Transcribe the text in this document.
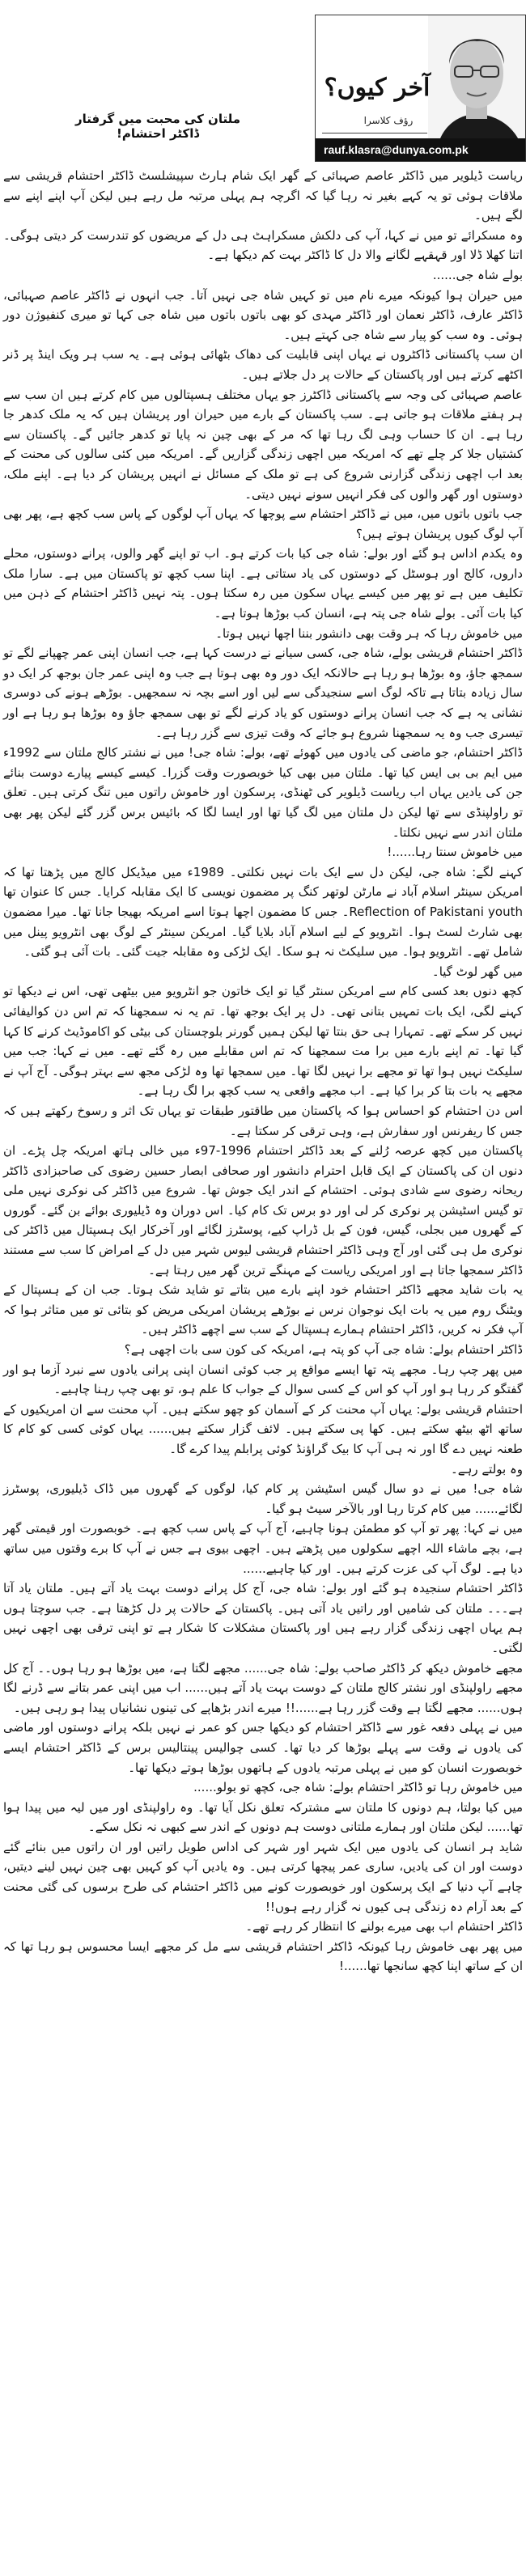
ملتان کی محبت میں گرفتار ڈاکٹر احتشام!
آخر کیوں؟
رؤف کلاسرا
rauf.klasra@dunya.com.pk

ریاست ڈیلویر میں ڈاکٹر عاصم صہبائی کے گھر ایک شام ہارٹ سپیشلسٹ ڈاکٹر احتشام قریشی سے ملاقات ہوئی تو یہ کہے بغیر نہ رہا گیا کہ اگرچہ ہم پہلی مرتبہ مل رہے ہیں لیکن آپ اپنے اپنے سے لگے ہیں۔

وہ مسکرائے تو میں نے کہا، آپ کی دلکش مسکراہٹ ہی دل کے مریضوں کو تندرست کر دیتی ہوگی۔ اتنا کھلا ڈلا اور قہقہے لگانے والا دل کا ڈاکٹر بہت کم دیکھا ہے۔

بولے شاہ جی......

میں حیران ہوا کیونکہ میرے نام میں تو کہیں شاہ جی نہیں آتا۔ جب انہوں نے ڈاکٹر عاصم صہبائی، ڈاکٹر عارف، ڈاکٹر نعمان اور ڈاکٹر مہدی کو بھی باتوں باتوں میں شاہ جی کہا تو میری کنفیوژن دور ہوئی۔ وہ سب کو پیار سے شاہ جی کہتے ہیں۔

ان سب پاکستانی ڈاکٹروں نے یہاں اپنی قابلیت کی دھاک بٹھائی ہوئی ہے۔ یہ سب ہر ویک اینڈ پر ڈنر اکٹھے کرتے ہیں اور پاکستان کے حالات پر دل جلاتے ہیں۔

عاصم صہبائی کی وجہ سے پاکستانی ڈاکٹرز جو یہاں مختلف ہسپتالوں میں کام کرتے ہیں ان سب سے ہر ہفتے ملاقات ہو جاتی ہے۔ سب پاکستان کے بارے میں حیران اور پریشان ہیں کہ یہ ملک کدھر جا رہا ہے۔ ان کا حساب وہی لگ رہا تھا کہ مر کے بھی چین نہ پایا تو کدھر جائیں گے۔ پاکستان سے کشتیاں جلا کر چلے تھے کہ امریکہ میں اچھی زندگی گزاریں گے۔ امریکہ میں کئی سالوں کی محنت کے بعد اب اچھی زندگی گزارنی شروع کی ہے تو ملک کے مسائل نے انہیں پریشان کر دیا ہے۔ اپنے ملک، دوستوں اور گھر والوں کی فکر انہیں سونے نہیں دیتی۔

جب باتوں باتوں میں، میں نے ڈاکٹر احتشام سے پوچھا کہ یہاں آپ لوگوں کے پاس سب کچھ ہے، پھر بھی آپ لوگ کیوں پریشان ہوتے ہیں؟

وہ یکدم اداس ہو گئے اور بولے: شاہ جی کیا بات کرتے ہو۔ اب تو اپنے گھر والوں، پرانے دوستوں، محلے داروں، کالج اور ہوسٹل کے دوستوں کی یاد ستاتی ہے۔ اپنا سب کچھ تو پاکستان میں ہے۔ سارا ملک تکلیف میں ہے تو پھر میں کیسے یہاں سکون میں رہ سکتا ہوں۔ پتہ نہیں ڈاکٹر احتشام کے ذہن میں کیا بات آئی۔ بولے شاہ جی پتہ ہے، انسان کب بوڑھا ہوتا ہے۔

میں خاموش رہا کہ ہر وقت بھی دانشور بننا اچھا نہیں ہوتا۔

ڈاکٹر احتشام قریشی بولے، شاہ جی، کسی سیانے نے درست کہا ہے، جب انسان اپنی عمر چھپانے لگے تو سمجھ جاؤ، وہ بوڑھا ہو رہا ہے حالانکہ ایک دور وہ بھی ہوتا ہے جب وہ اپنی عمر جان بوجھ کر ایک دو سال زیادہ بتاتا ہے تاکہ لوگ اسے سنجیدگی سے لیں اور اسے بچہ نہ سمجھیں۔ بوڑھے ہونے کی دوسری نشانی یہ ہے کہ جب انسان پرانے دوستوں کو یاد کرنے لگے تو بھی سمجھ جاؤ وہ بوڑھا ہو رہا ہے اور تیسری جب وہ یہ سمجھنا شروع ہو جائے کہ وقت تیزی سے گزر رہا ہے۔

ڈاکٹر احتشام، جو ماضی کی یادوں میں کھوئے تھے، بولے: شاہ جی! میں نے نشتر کالج ملتان سے 1992ء میں ایم بی بی ایس کیا تھا۔ ملتان میں بھی کیا خوبصورت وقت گزرا۔ کیسے کیسے پیارے دوست بنائے جن کی یادیں یہاں اب ریاست ڈیلویر کی ٹھنڈی، پرسکون اور خاموش راتوں میں تنگ کرتی ہیں۔ تعلق تو راولپنڈی سے تھا لیکن دل ملتان میں لگ گیا تھا اور ایسا لگا کہ بائیس برس گزر گئے لیکن پھر بھی ملتان اندر سے نہیں نکلتا۔

میں خاموش سنتا رہا......!

کہنے لگے: شاہ جی، لیکن دل سے ایک بات نہیں نکلتی۔ 1989ء میں میڈیکل کالج میں پڑھتا تھا کہ امریکن سینٹر اسلام آباد نے مارٹن لوتھر کنگ پر مضمون نویسی کا ایک مقابلہ کرایا۔ جس کا عنوان تھا Reflection of Pakistani youth۔ جس کا مضمون اچھا ہوتا اسے امریکہ بھیجا جانا تھا۔ میرا مضمون بھی شارٹ لسٹ ہوا۔ انٹرویو کے لیے اسلام آباد بلایا گیا۔ امریکن سینٹر کے لوگ بھی انٹرویو پینل میں شامل تھے۔ انٹرویو ہوا۔ میں سلیکٹ نہ ہو سکا۔ ایک لڑکی وہ مقابلہ جیت گئی۔ بات آئی ہو گئی۔

میں گھر لوٹ گیا۔

کچھ دنوں بعد کسی کام سے امریکن سنٹر گیا تو ایک خاتون جو انٹرویو میں بیٹھی تھی، اس نے دیکھا تو کہنے لگی، ایک بات تمہیں بتانی تھی۔ دل پر ایک بوجھ تھا۔ تم یہ نہ سمجھنا کہ تم اس دن کوالیفائی نہیں کر سکے تھے۔ تمہارا ہی حق بنتا تھا لیکن ہمیں گورنر بلوچستان کی بیٹی کو اکاموڈیٹ کرنے کا کہا گیا تھا۔ تم اپنے بارے میں برا مت سمجھنا کہ تم اس مقابلے میں رہ گئے تھے۔ میں نے کہا: جب میں سلیکٹ نہیں ہوا تھا تو مجھے برا نہیں لگا تھا۔ میں سمجھا تھا وہ لڑکی مجھ سے بہتر ہوگی۔ آج آپ نے مجھے یہ بات بتا کر برا کیا ہے۔ اب مجھے واقعی یہ سب کچھ برا لگ رہا ہے۔

اس دن احتشام کو احساس ہوا کہ پاکستان میں طاقتور طبقات تو یہاں تک اثر و رسوخ رکھتے ہیں کہ جس کا ریفرنس اور سفارش ہے، وہی ترقی کر سکتا ہے۔

پاکستان میں کچھ عرصہ رُلنے کے بعد ڈاکٹر احتشام 1996-97ء میں خالی ہاتھ امریکہ چل پڑے۔ ان دنوں ان کی پاکستان کے ایک قابل احترام دانشور اور صحافی ابصار حسین رضوی کی صاحبزادی ڈاکٹر ریحانہ رضوی سے شادی ہوئی۔ احتشام کے اندر ایک جوش تھا۔ شروع میں ڈاکٹر کی نوکری نہیں ملی تو گیس اسٹیشن پر نوکری کر لی اور دو برس تک کام کیا۔ اس دوران وہ ڈیلیوری بوائے بن گئے۔ گوروں کے گھروں میں بجلی، گیس، فون کے بل ڈراپ کیے، پوسٹرز لگائے اور آخرکار ایک ہسپتال میں ڈاکٹر کی نوکری مل ہی گئی اور آج وہی ڈاکٹر احتشام قریشی لیوس شہر میں دل کے امراض کا سب سے مستند ڈاکٹر سمجھا جاتا ہے اور امریکی ریاست کے مہنگے ترین گھر میں رہتا ہے۔

یہ بات شاید مجھے ڈاکٹر احتشام خود اپنے بارے میں بتاتے تو شاید شک ہوتا۔ جب ان کے ہسپتال کے ویٹنگ روم میں یہ بات ایک نوجوان نرس نے بوڑھے پریشان امریکی مریض کو بتائی تو میں متاثر ہوا کہ آپ فکر نہ کریں، ڈاکٹر احتشام ہمارے ہسپتال کے سب سے اچھے ڈاکٹر ہیں۔

ڈاکٹر احتشام بولے: شاہ جی آپ کو پتہ ہے، امریکہ کی کون سی بات اچھی ہے؟

میں پھر چپ رہا۔ مجھے پتہ تھا ایسے مواقع پر جب کوئی انسان اپنی پرانی یادوں سے نبرد آزما ہو اور گفتگو کر رہا ہو اور آپ کو اس کے کسی سوال کے جواب کا علم ہو، تو بھی چپ رہنا چاہیے۔

احتشام قریشی بولے: یہاں آپ محنت کر کے آسمان کو چھو سکتے ہیں۔ آپ محنت سے ان امریکیوں کے ساتھ اٹھ بیٹھ سکتے ہیں۔ کھا پی سکتے ہیں۔ لائف گزار سکتے ہیں...... یہاں کوئی کسی کو کام کا طعنہ نہیں دے گا اور نہ ہی آپ کا بیک گراؤنڈ کوئی پرابلم پیدا کرے گا۔

وہ بولتے رہے۔

شاہ جی! میں نے دو سال گیس اسٹیشن پر کام کیا، لوگوں کے گھروں میں ڈاک ڈیلیوری، پوسٹرز لگائے...... میں کام کرتا رہا اور بالآخر سیٹ ہو گیا۔

میں نے کہا: پھر تو آپ کو مطمئن ہونا چاہیے، آج آپ کے پاس سب کچھ ہے۔ خوبصورت اور قیمتی گھر ہے، بچے ماشاء اللہ اچھے سکولوں میں پڑھتے ہیں۔ اچھی بیوی ہے جس نے آپ کا برے وقتوں میں ساتھ دیا ہے۔ لوگ آپ کی عزت کرتے ہیں۔ اور کیا چاہیے......

ڈاکٹر احتشام سنجیدہ ہو گئے اور بولے: شاہ جی، آج کل پرانے دوست بہت یاد آتے ہیں۔ ملتان یاد آتا ہے۔۔۔ ملتان کی شامیں اور راتیں یاد آتی ہیں۔ پاکستان کے حالات پر دل کڑھتا ہے۔ جب سوچتا ہوں ہم یہاں اچھی زندگی گزار رہے ہیں اور پاکستان مشکلات کا شکار ہے تو اپنی ترقی بھی اچھی نہیں لگتی۔

مجھے خاموش دیکھ کر ڈاکٹر صاحب بولے: شاہ جی...... مجھے لگتا ہے، میں بوڑھا ہو رہا ہوں۔۔ آج کل مجھے راولپنڈی اور نشتر کالج ملتان کے دوست بہت یاد آتے ہیں...... اب میں اپنی عمر بتانے سے ڈرنے لگا ہوں...... مجھے لگتا ہے وقت گزر رہا ہے......!! میرے اندر بڑھاپے کی تینوں نشانیاں پیدا ہو رہی ہیں۔

میں نے پہلی دفعہ غور سے ڈاکٹر احتشام کو دیکھا جس کو عمر نے نہیں بلکہ پرانے دوستوں اور ماضی کی یادوں نے وقت سے پہلے بوڑھا کر دیا تھا۔ کسی چوالیس پینتالیس برس کے ڈاکٹر احتشام ایسے خوبصورت انسان کو میں نے پہلی مرتبہ یادوں کے ہاتھوں بوڑھا ہوتے دیکھا تھا۔

میں خاموش رہا تو ڈاکٹر احتشام بولے: شاہ جی، کچھ تو بولو......

میں کیا بولتا، ہم دونوں کا ملتان سے مشترکہ تعلق نکل آیا تھا۔ وہ راولپنڈی اور میں لیہ میں پیدا ہوا تھا...... لیکن ملتان اور ہمارے ملتانی دوست ہم دونوں کے اندر سے کبھی نہ نکل سکے۔

شاید ہر انسان کی یادوں میں ایک شہر اور شہر کی اداس طویل راتیں اور ان راتوں میں بنائے گئے دوست اور ان کی یادیں، ساری عمر پیچھا کرتی ہیں۔ وہ یادیں آپ کو کہیں بھی چین نہیں لینے دیتیں، چاہے آپ دنیا کے ایک پرسکون اور خوبصورت کونے میں ڈاکٹر احتشام کی طرح برسوں کی گئی محنت کے بعد آرام دہ زندگی ہی کیوں نہ گزار رہے ہوں!!

ڈاکٹر احتشام اب بھی میرے بولنے کا انتظار کر رہے تھے۔

میں پھر بھی خاموش رہا کیونکہ ڈاکٹر احتشام قریشی سے مل کر مجھے ایسا محسوس ہو رہا تھا کہ ان کے ساتھ اپنا کچھ سانجھا تھا......!
